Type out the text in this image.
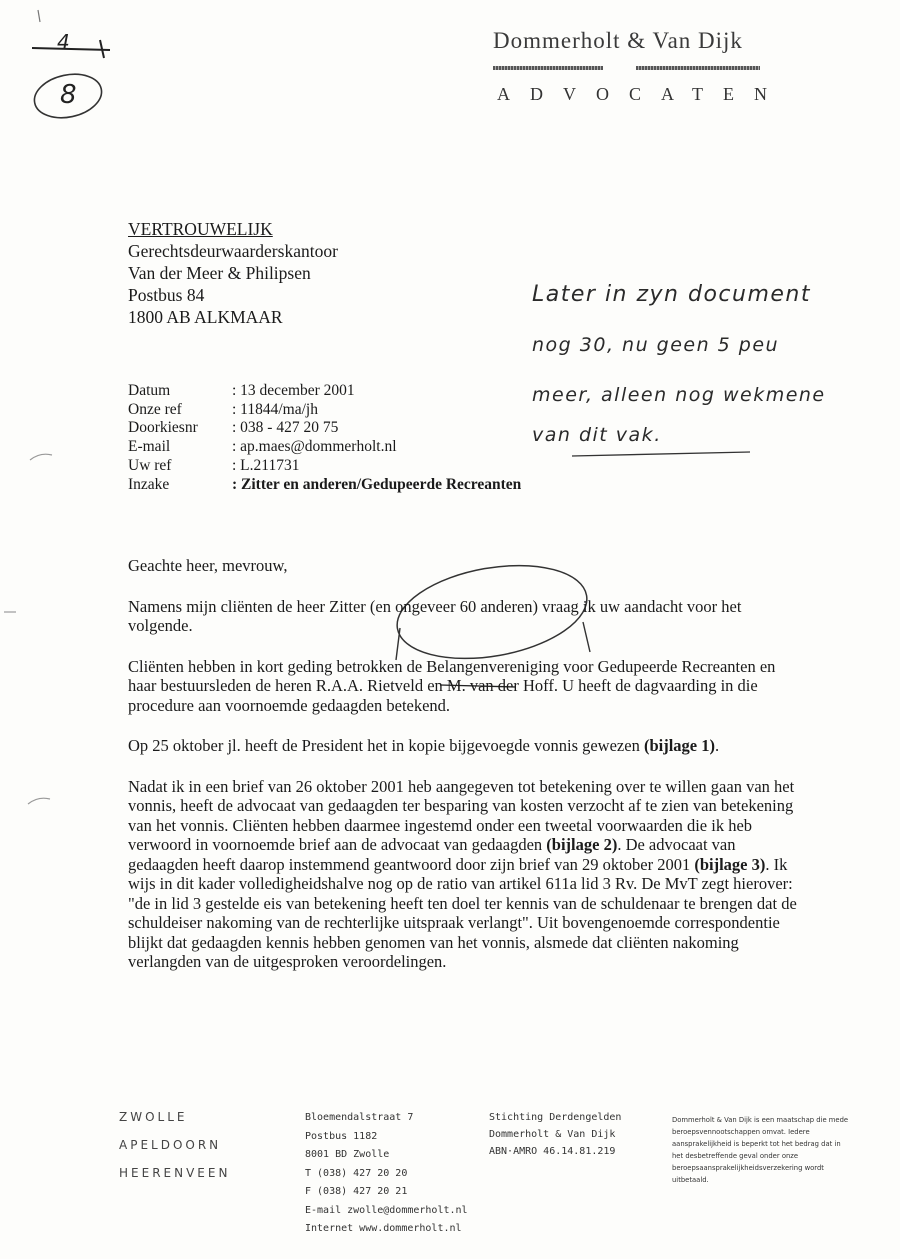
4
8
Dommerholt & Van Dijk
ADVOCATEN
VERTROUWELIJK
Gerechtsdeurwaarderskantoor
Van der Meer & Philipsen
Postbus 84
1800 AB ALKMAAR
Later in zyn document
nog 30, nu geen 5 peu
meer, alleen nog wekmene
van dit vak.
Datum	: 13 december 2001
Onze ref	: 11844/ma/jh
Doorkiesnr	: 038 - 427 20 75
E-mail	: ap.maes@dommerholt.nl
Uw ref	: L.211731
Inzake	: Zitter en anderen/Gedupeerde Recreanten

Geachte heer, mevrouw,

Namens mijn cliënten de heer Zitter (en ongeveer 60 anderen) vraag ik uw aandacht voor het volgende.

Cliënten hebben in kort geding betrokken de Belangenvereniging voor Gedupeerde Recreanten en haar bestuursleden de heren R.A.A. Rietveld en M. van der Hoff. U heeft de dagvaarding in die procedure aan voornoemde gedaagden betekend.

Op 25 oktober jl. heeft de President het in kopie bijgevoegde vonnis gewezen (bijlage 1).

Nadat ik in een brief van 26 oktober 2001 heb aangegeven tot betekening over te willen gaan van het vonnis, heeft de advocaat van gedaagden ter besparing van kosten verzocht af te zien van betekening van het vonnis. Cliënten hebben daarmee ingestemd onder een tweetal voorwaarden die ik heb verwoord in voornoemde brief aan de advocaat van gedaagden (bijlage 2). De advocaat van gedaagden heeft daarop instemmend geantwoord door zijn brief van 29 oktober 2001 (bijlage 3). Ik wijs in dit kader volledigheidshalve nog op de ratio van artikel 611a lid 3 Rv. De MvT zegt hierover: "de in lid 3 gestelde eis van betekening heeft ten doel ter kennis van de schuldenaar te brengen dat de schuldeiser nakoming van de rechterlijke uitspraak verlangt". Uit bovengenoemde correspondentie blijkt dat gedaagden kennis hebben genomen van het vonnis, alsmede dat cliënten nakoming verlangden van de uitgesproken veroordelingen.

ZWOLLE
APELDOORN
HEERENVEEN
Bloemendalstraat 7
Postbus 1182
8001 BD Zwolle
T (038) 427 20 20
F (038) 427 20 21
E-mail zwolle@dommerholt.nl
Internet www.dommerholt.nl
Stichting Derdengelden
Dommerholt & Van Dijk
ABN·AMRO 46.14.81.219
Dommerholt & Van Dijk is een maatschap die mede beroepsvennootschappen omvat. Iedere aansprakelijkheid is beperkt tot het bedrag dat in het desbetreffende geval onder onze beroepsaansprakelijkheidsverzekering wordt uitbetaald.
